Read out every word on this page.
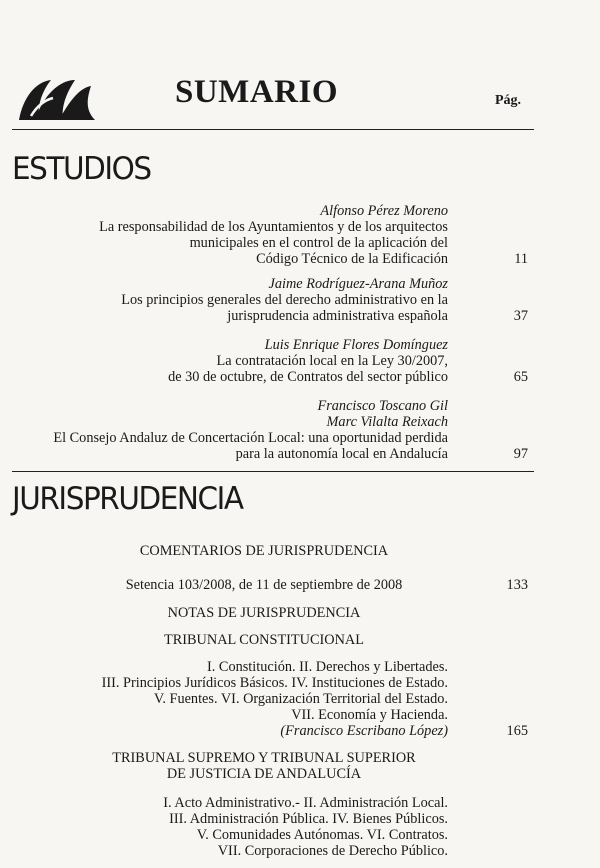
SUMARIO	Pág.
ESTUDIOS
Alfonso Pérez Moreno
La responsabilidad de los Ayuntamientos y de los arquitectos
municipales en el control de la aplicación del
Código Técnico de la Edificación	11
Jaime Rodríguez-Arana Muñoz
Los principios generales del derecho administrativo en la
jurisprudencia administrativa española	37
Luis Enrique Flores Domínguez
La contratación local en la Ley 30/2007,
de 30 de octubre, de Contratos del sector público	65
Francisco Toscano Gil
Marc Vilalta Reixach
El Consejo Andaluz de Concertación Local: una oportunidad perdida
para la autonomía local en Andalucía	97
JURISPRUDENCIA
COMENTARIOS DE JURISPRUDENCIA
Setencia 103/2008, de 11 de septiembre de 2008	133
NOTAS DE JURISPRUDENCIA
TRIBUNAL CONSTITUCIONAL
I. Constitución. II. Derechos y Libertades.
III. Principios Jurídicos Básicos. IV. Instituciones de Estado.
V. Fuentes. VI. Organización Territorial del Estado.
VII. Economía y Hacienda.
(Francisco Escribano López)	165
TRIBUNAL SUPREMO Y TRIBUNAL SUPERIOR
DE JUSTICIA DE ANDALUCÍA
I. Acto Administrativo.- II. Administración Local.
III. Administración Pública. IV. Bienes Públicos.
V. Comunidades Autónomas. VI. Contratos.
VII. Corporaciones de Derecho Público.
